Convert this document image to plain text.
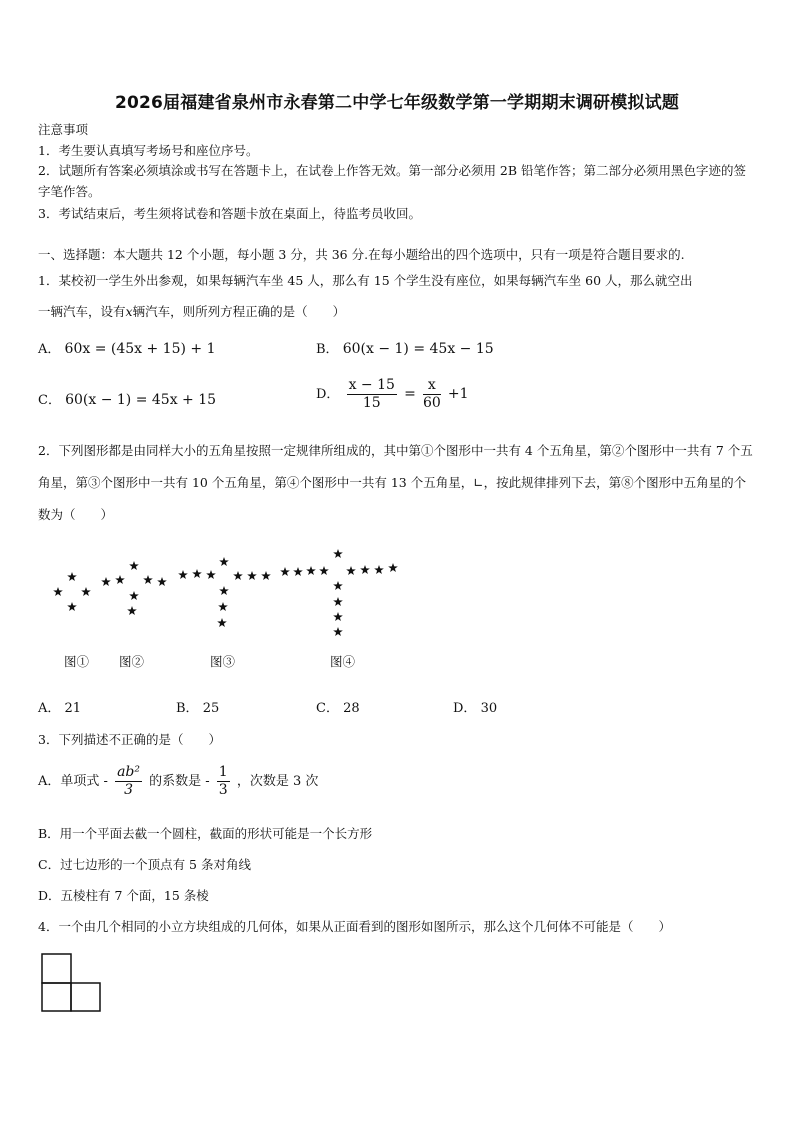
2026届福建省泉州市永春第二中学七年级数学第一学期期末调研模拟试题
注意事项
1．考生要认真填写考场号和座位序号。
2．试题所有答案必须填涂或书写在答题卡上，在试卷上作答无效。第一部分必须用 2B 铅笔作答；第二部分必须用黑色字迹的签字笔作答。
3．考试结束后，考生须将试卷和答题卡放在桌面上，待监考员收回。
一、选择题：本大题共 12 个小题，每小题 3 分，共 36 分.在每小题给出的四个选项中，只有一项是符合题目要求的.
1．某校初一学生外出参观，如果每辆汽车坐 45 人，那么有 15 个学生没有座位，如果每辆汽车坐 60 人，那么就空出
一辆汽车，设有x辆汽车，则所列方程正确的是（　　）
A． 60x = (45x + 15) + 1	B． 60(x − 1) = 45x − 15
C． 60(x − 1) = 45x + 15	D． $\frac{x - 15}{15} = \frac{x}{60} +1$
2．下列图形都是由同样大小的五角星按照一定规律所组成的，其中第①个图形中一共有 4 个五角星，第②个图形中一共有 7 个五角星，第③个图形中一共有 10 个五角星，第④个图形中一共有 13 个五角星，∟，按此规律排列下去，第⑧个图形中五角星的个数为（　　）
图① 图②	图③	图④
A． 21	B． 25	C． 28	D． 30
3．下列描述不正确的是（　　）
A．单项式 - $\frac{\text{ab²}}{3}$ 的系数是 - $\frac{1}{3}$ ，次数是 3 次
B．用一个平面去截一个圆柱，截面的形状可能是一个长方形
C．过七边形的一个顶点有 5 条对角线
D．五棱柱有 7 个面，15 条棱
4．一个由几个相同的小立方块组成的几何体，如果从正面看到的图形如图所示，那么这个几何体不可能是（　　）
